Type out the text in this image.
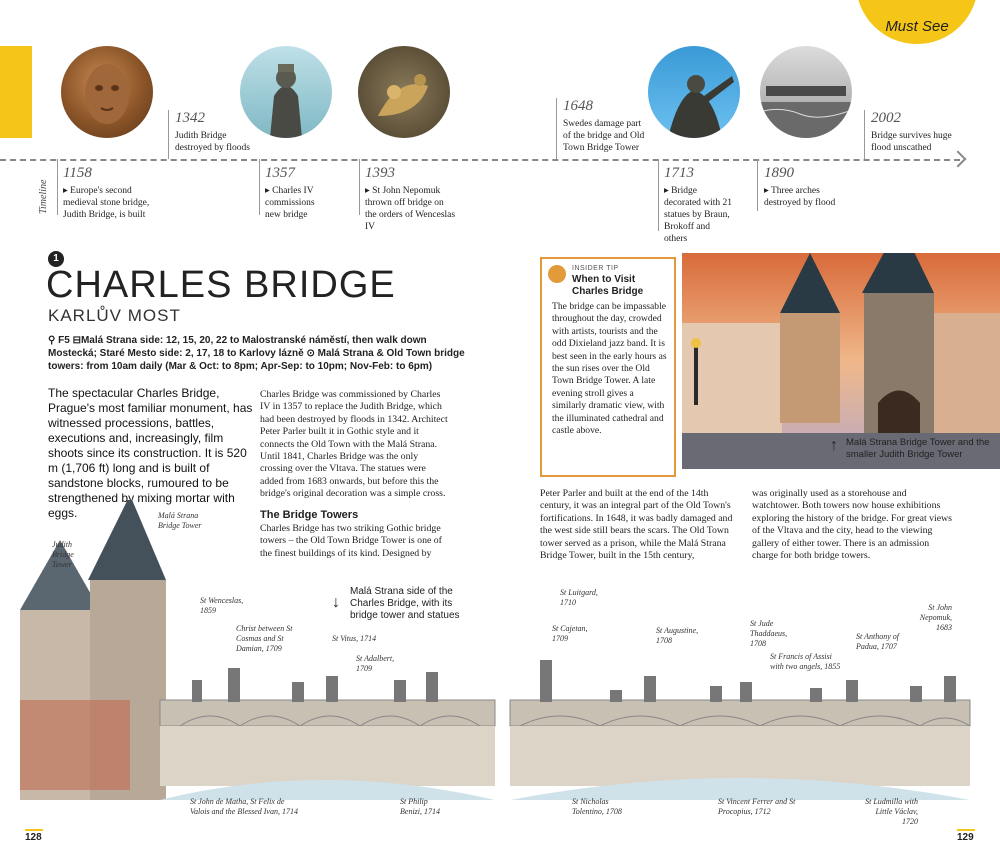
Must See
Timeline
1158
▸ Europe's second medieval stone bridge, Judith Bridge, is built
1342
Judith Bridge destroyed by floods
1357
▸ Charles IV commissions new bridge
1393
▸ St John Nepomuk thrown off bridge on the orders of Wenceslas IV
1648
Swedes damage part of the bridge and Old Town Bridge Tower
1713
▸ Bridge decorated with 21 statues by Braun, Brokoff and others
1890
▸ Three arches destroyed by flood
2002
Bridge survives huge flood unscathed
1
CHARLES BRIDGE
KARLŮV MOST
⚲ F5 ⊟Malá Strana side: 12, 15, 20, 22 to Malostranské náměstí, then walk down Mostecká; Staré Mesto side: 2, 17, 18 to Karlovy lázně ⊙ Malá Strana & Old Town bridge towers: from 10am daily (Mar & Oct: to 8pm; Apr-Sep: to 10pm; Nov-Feb: to 6pm)
The spectacular Charles Bridge, Prague's most familiar monument, has witnessed processions, battles, executions and, increasingly, film shoots since its construction. It is 520 m (1,706 ft) long and is built of sandstone blocks, rumoured to be strengthened by mixing mortar with eggs.
Charles Bridge was commissioned by Charles IV in 1357 to replace the Judith Bridge, which had been destroyed by floods in 1342. Architect Peter Parler built it in Gothic style and it connects the Old Town with the Malá Strana. Until 1841, Charles Bridge was the only crossing over the Vltava. The statues were added from 1683 onwards, but before this the bridge's original decoration was a simple cross.
The Bridge Towers
Charles Bridge has two striking Gothic bridge towers – the Old Town Bridge Tower is one of the finest buildings of its kind. Designed by
INSIDER TIP
When to Visit Charles Bridge
The bridge can be impassable throughout the day, crowded with artists, tourists and the odd Dixieland jazz band. It is best seen in the early hours as the sun rises over the Old Town Bridge Tower. A late evening stroll gives a similarly dramatic view, with the illuminated cathedral and castle above.
↑ Malá Strana Bridge Tower and the smaller Judith Bridge Tower
Peter Parler and built at the end of the 14th century, it was an integral part of the Old Town's fortifications. In 1648, it was badly damaged and the west side still bears the scars. The Old Town tower served as a prison, while the Malá Strana Bridge Tower, built in the 15th century,
was originally used as a storehouse and watchtower. Both towers now house exhibitions exploring the history of the bridge. For great views of the Vltava and the city, head to the viewing gallery of either tower. There is an admission charge for both bridge towers.
↓
Malá Strana side of the Charles Bridge, with its bridge tower and statues
Judith Bridge Tower
Malá Strana Bridge Tower
St Wenceslas, 1859
Christ between St Cosmas and St Damian, 1709
St Vitus, 1714
St Adalbert, 1709
St John de Matha, St Felix de Valois and the Blessed Ivan, 1714
St Philip Benizi, 1714
St Luitgard, 1710
St Cajetan, 1709
St Augustine, 1708
St Jude Thaddaeus, 1708
St Francis of Assisi with two angels, 1855
St Anthony of Padua, 1707
St John Nepomuk, 1683
St Nicholas Tolentino, 1708
St Vincent Ferrer and St Procopius, 1712
St Ludmilla with Little Václav, 1720
128	129
